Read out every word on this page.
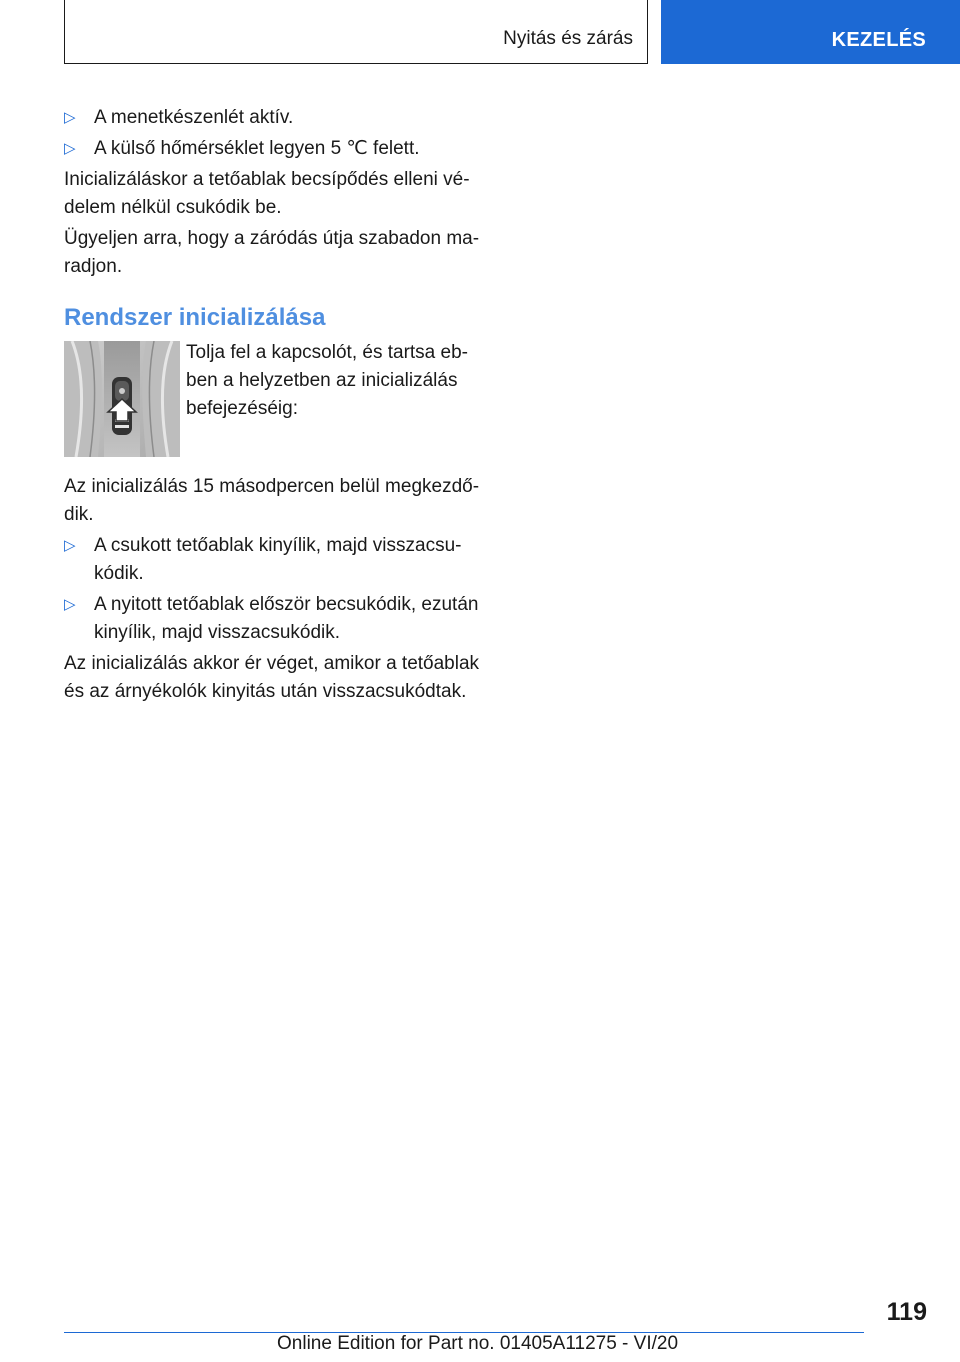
Nyitás és zárás	KEZELÉS
▷ A menetkészenlét aktív.
▷ A külső hőmérséklet legyen 5 ℃ felett.

Inicializáláskor a tetőablak becsípődés elleni védelem nélkül csukódik be.

Ügyeljen arra, hogy a záródás útja szabadon maradjon.

Rendszer inicializálása
Tolja fel a kapcsolót, és tartsa ebben a helyzetben az inicializálás befejezéséig:

Az inicializálás 15 másodpercen belül megkezdődik.

▷ A csukott tetőablak kinyílik, majd visszacsukódik.
▷ A nyitott tetőablak először becsukódik, ezután kinyílik, majd visszacsukódik.

Az inicializálás akkor ér véget, amikor a tetőablak és az árnyékolók kinyitás után visszacsukódtak.

119
Online Edition for Part no. 01405A11275 - VI/20
